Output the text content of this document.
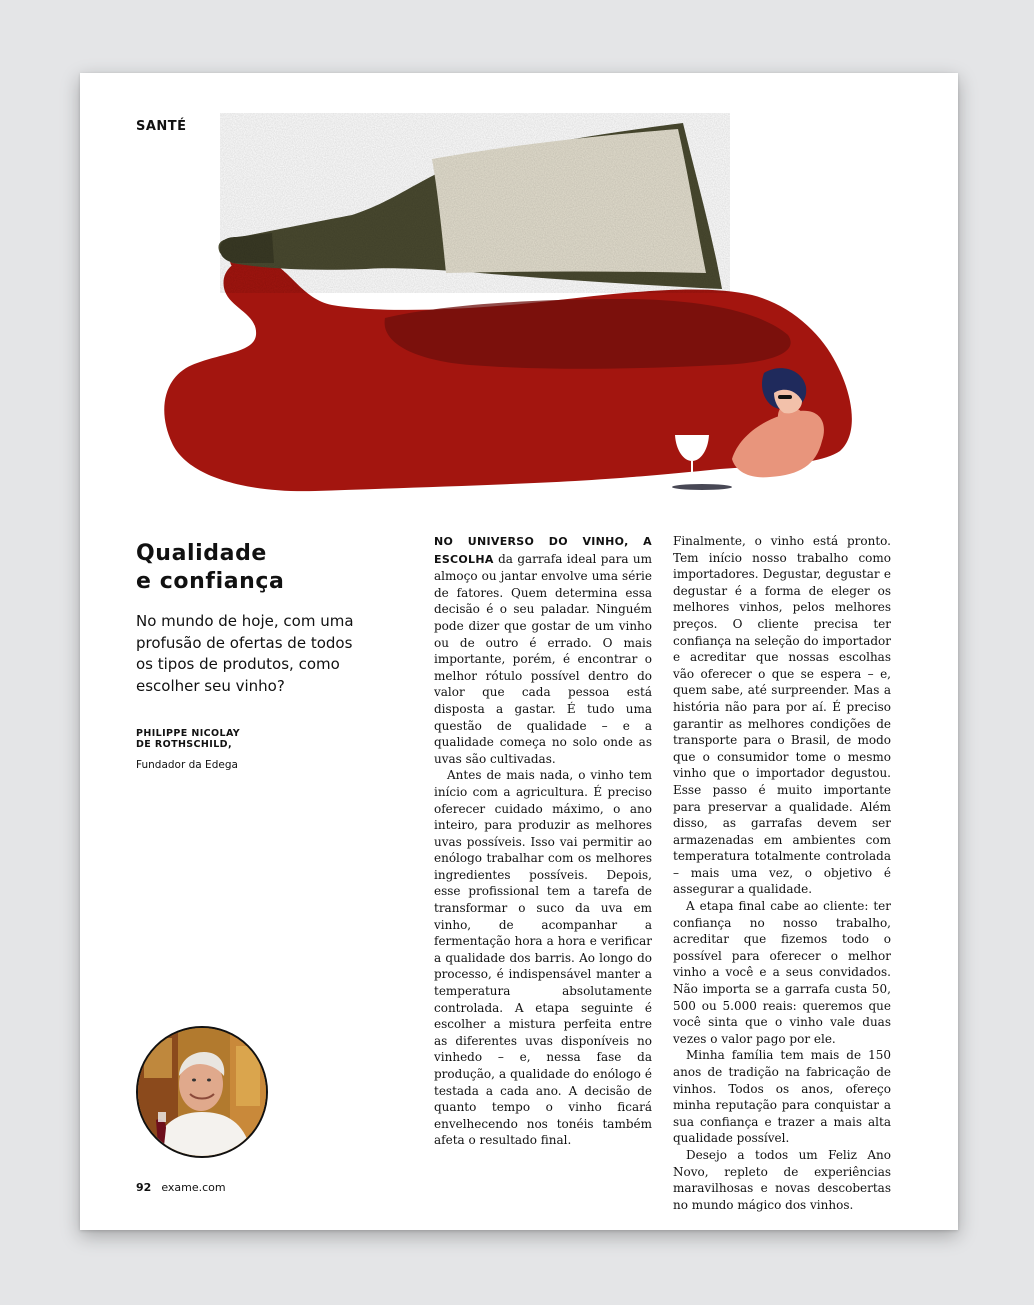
SANTÉ
Qualidade
e confiança

No mundo de hoje, com uma profusão de ofertas de todos os tipos de produtos, como escolher seu vinho?

PHILIPPE NICOLAY
DE ROTHSCHILD,
Fundador da Edega

NO UNIVERSO DO VINHO, A ESCOLHA da garrafa ideal para um almoço ou jantar envolve uma série de fatores. Quem determina essa decisão é o seu paladar. Ninguém pode dizer que gostar de um vinho ou de outro é errado. O mais importante, porém, é encontrar o melhor rótulo possível dentro do valor que cada pessoa está disposta a gastar. É tudo uma questão de qualidade – e a qualidade começa no solo onde as uvas são cultivadas.

Antes de mais nada, o vinho tem início com a agricultura. É preciso oferecer cuidado máximo, o ano inteiro, para produzir as melhores uvas possíveis. Isso vai permitir ao enólogo trabalhar com os melhores ingredientes possíveis. Depois, esse profissional tem a tarefa de transformar o suco da uva em vinho, de acompanhar a fermentação hora a hora e verificar a qualidade dos barris. Ao longo do processo, é indispensável manter a temperatura absolutamente controlada. A etapa seguinte é escolher a mistura perfeita entre as diferentes uvas disponíveis no vinhedo – e, nessa fase da produção, a qualidade do enólogo é testada a cada ano. A decisão de quanto tempo o vinho ficará envelhecendo nos tonéis também afeta o resultado final.

Finalmente, o vinho está pronto. Tem início nosso trabalho como importadores. Degustar, degustar e degustar é a forma de eleger os melhores vinhos, pelos melhores preços. O cliente precisa ter confiança na seleção do importador e acreditar que nossas escolhas vão oferecer o que se espera – e, quem sabe, até surpreender. Mas a história não para por aí. É preciso garantir as melhores condições de transporte para o Brasil, de modo que o consumidor tome o mesmo vinho que o importador degustou. Esse passo é muito importante para preservar a qualidade. Além disso, as garrafas devem ser armazenadas em ambientes com temperatura totalmente controlada – mais uma vez, o objetivo é assegurar a qualidade.

A etapa final cabe ao cliente: ter confiança no nosso trabalho, acreditar que fizemos todo o possível para oferecer o melhor vinho a você e a seus convidados. Não importa se a garrafa custa 50, 500 ou 5.000 reais: queremos que você sinta que o vinho vale duas vezes o valor pago por ele.

Minha família tem mais de 150 anos de tradição na fabricação de vinhos. Todos os anos, ofereço minha reputação para conquistar a sua confiança e trazer a mais alta qualidade possível.

Desejo a todos um Feliz Ano Novo, repleto de experiências maravilhosas e novas descobertas no mundo mágico dos vinhos.

92 exame.com
